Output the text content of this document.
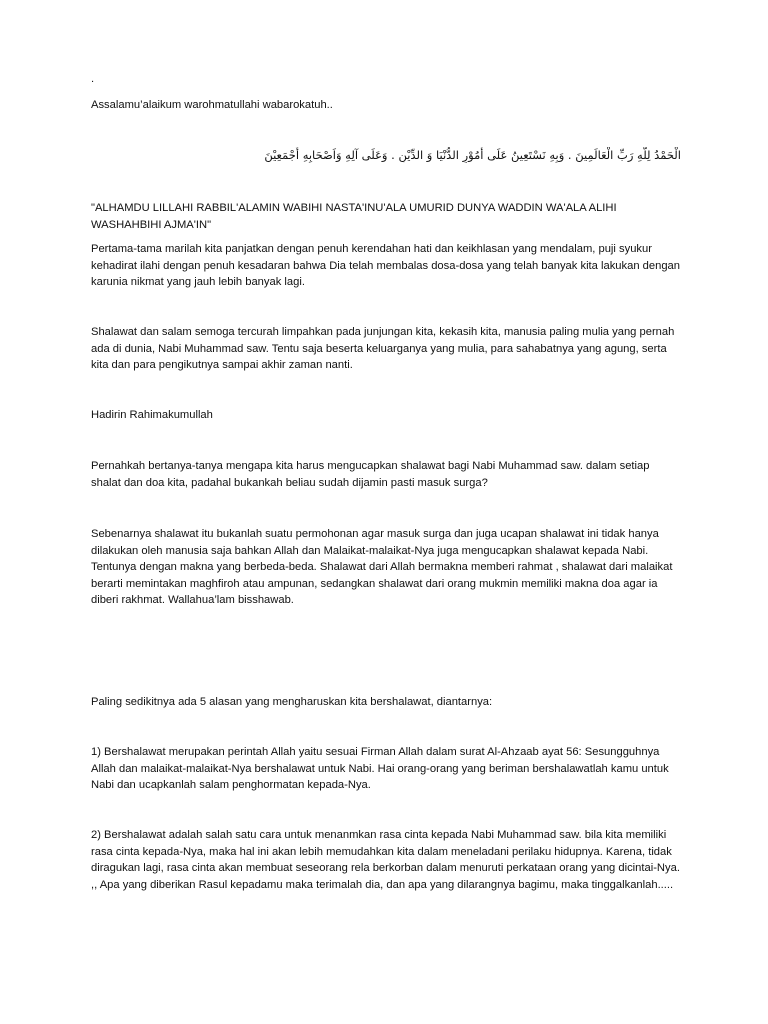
.
Assalamu’alaikum warohmatullahi wabarokatuh..
الْحَمْدُ لِلَّهِ رَبِّ الْعَالَمِينَ . وَبِهِ نَسْتَعِينُ عَلَى أُمُوْرِ الدُّنْيَا وَ الدِّيْنِ . وَعَلَى آلِهِ وَاَصْحَابِهِ أَجْمَعِيْنَ
"ALHAMDU LILLAHI RABBIL'ALAMIN WABIHI NASTA'INU'ALA UMURID DUNYA WADDIN WA'ALA ALIHI WASHAHBIHI AJMA'IN"
Pertama-tama marilah kita panjatkan dengan penuh kerendahan hati dan keikhlasan yang mendalam, puji syukur kehadirat ilahi dengan penuh kesadaran bahwa Dia telah membalas dosa-dosa yang telah banyak kita lakukan dengan karunia nikmat yang jauh lebih banyak lagi.
Shalawat dan salam semoga tercurah limpahkan pada junjungan kita, kekasih kita, manusia paling mulia yang pernah ada di dunia, Nabi Muhammad saw. Tentu saja beserta keluarganya yang mulia, para sahabatnya yang agung, serta kita dan para pengikutnya sampai akhir zaman nanti.
Hadirin Rahimakumullah
Pernahkah bertanya-tanya mengapa kita harus mengucapkan shalawat bagi Nabi Muhammad saw. dalam setiap shalat dan doa kita, padahal bukankah beliau sudah dijamin pasti masuk surga?
Sebenarnya shalawat itu bukanlah suatu permohonan agar masuk surga dan juga ucapan shalawat ini tidak hanya dilakukan oleh manusia saja bahkan Allah dan Malaikat-malaikat-Nya juga mengucapkan shalawat kepada Nabi. Tentunya dengan makna yang berbeda-beda. Shalawat dari Allah bermakna memberi rahmat , shalawat dari malaikat berarti memintakan maghfiroh atau ampunan, sedangkan shalawat dari orang mukmin memiliki makna doa agar ia diberi rakhmat. Wallahua’lam bisshawab.
Paling sedikitnya ada 5 alasan yang mengharuskan kita bershalawat, diantarnya:
1) Bershalawat merupakan perintah Allah yaitu sesuai Firman Allah dalam surat Al-Ahzaab ayat 56: Sesungguhnya Allah dan malaikat-malaikat-Nya bershalawat untuk Nabi. Hai orang-orang yang beriman bershalawatlah kamu untuk Nabi dan ucapkanlah salam penghormatan kepada-Nya.
2) Bershalawat adalah salah satu cara untuk menanmkan rasa cinta kepada Nabi Muhammad saw. bila kita memiliki rasa cinta kepada-Nya, maka hal ini akan lebih memudahkan kita dalam meneladani perilaku hidupnya. Karena, tidak diragukan lagi, rasa cinta akan membuat seseorang rela berkorban dalam menuruti perkataan orang yang dicintai-Nya. ,, Apa yang diberikan Rasul kepadamu maka terimalah dia, dan apa yang dilarangnya bagimu, maka tinggalkanlah.....
